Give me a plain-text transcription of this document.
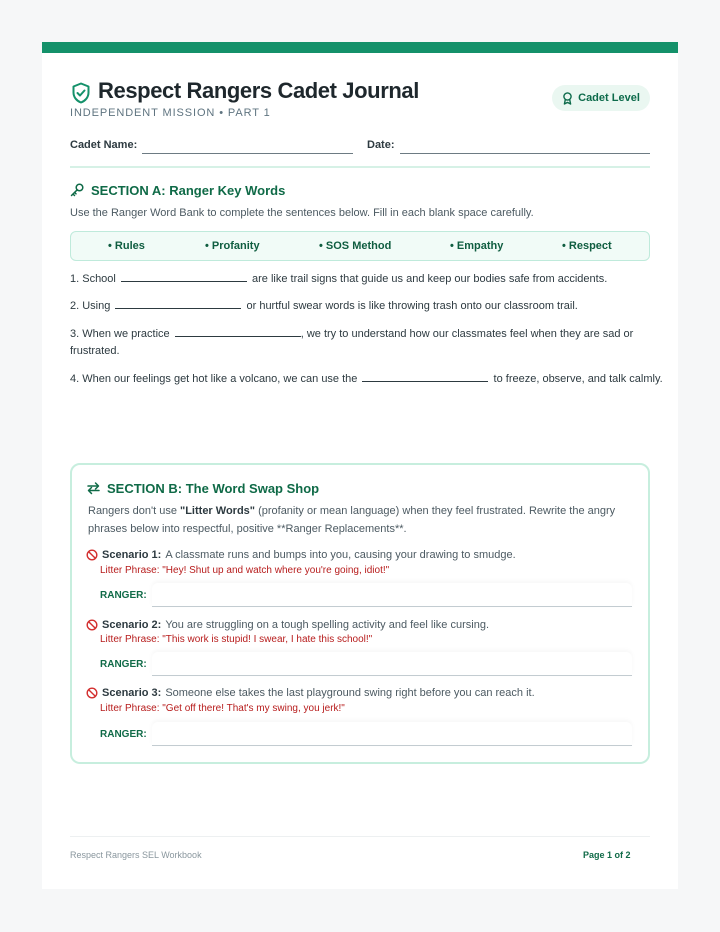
Respect Rangers Cadet Journal
INDEPENDENT MISSION • PART 1
Cadet Level
Cadet Name:	Date:
SECTION A: Ranger Key Words
Use the Ranger Word Bank to complete the sentences below. Fill in each blank space carefully.
• Rules	• Profanity	• SOS Method	• Empathy	• Respect
1. School	are like trail signs that guide us and keep our bodies safe from accidents.
2. Using	or hurtful swear words is like throwing trash onto our classroom trail.
3. When we practice	, we try to understand how our classmates feel when they are sad or
frustrated.
4. When our feelings get hot like a volcano, we can use the	to freeze, observe, and talk calmly.
SECTION B: The Word Swap Shop
Rangers don't use "Litter Words" (profanity or mean language) when they feel frustrated. Rewrite the angry
phrases below into respectful, positive **Ranger Replacements**.
Scenario 1: A classmate runs and bumps into you, causing your drawing to smudge.
Litter Phrase: "Hey! Shut up and watch where you're going, idiot!"
RANGER:
Scenario 2: You are struggling on a tough spelling activity and feel like cursing.
Litter Phrase: "This work is stupid! I swear, I hate this school!"
RANGER:
Scenario 3: Someone else takes the last playground swing right before you can reach it.
Litter Phrase: "Get off there! That's my swing, you jerk!"
RANGER:
Respect Rangers SEL Workbook	Page 1 of 2
